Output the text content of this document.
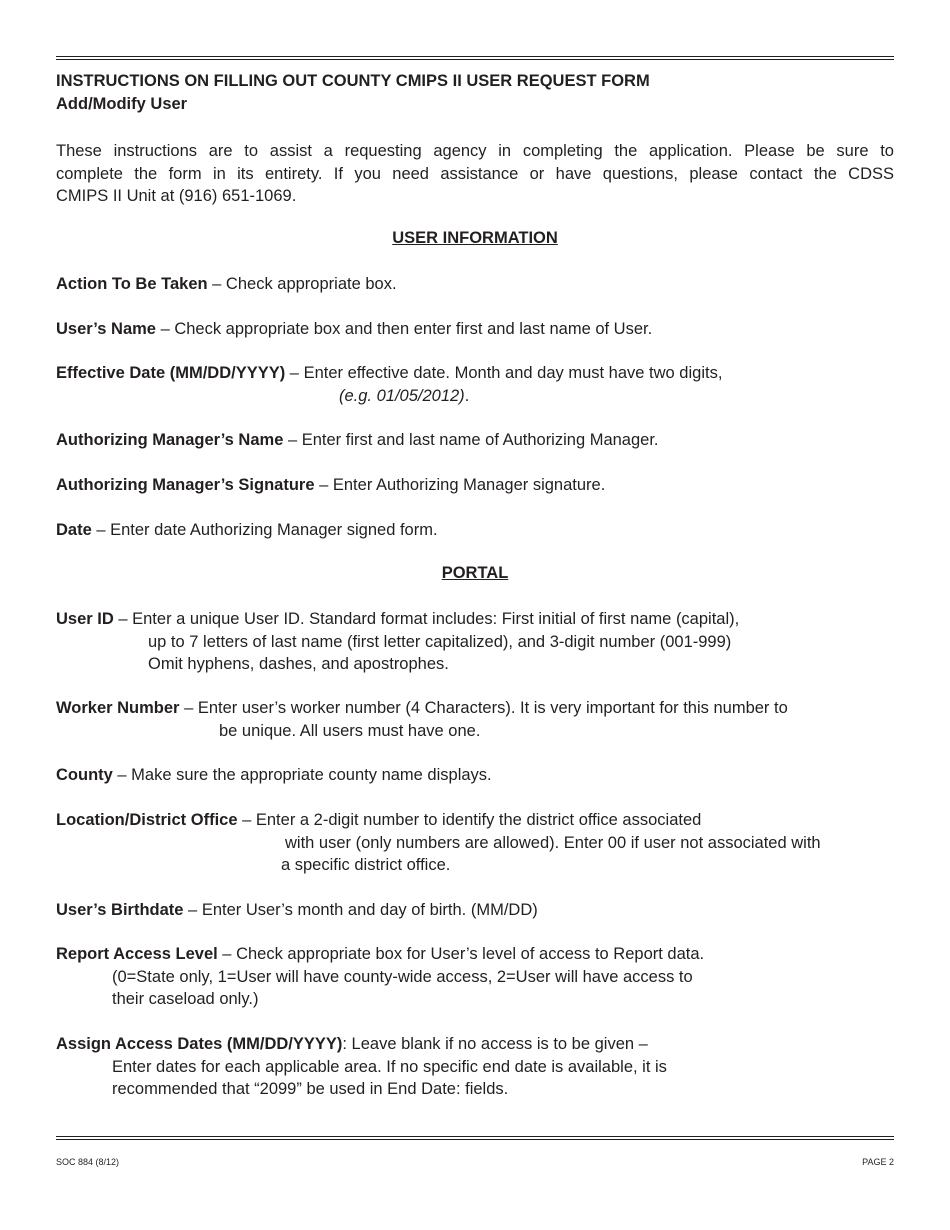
INSTRUCTIONS ON FILLING OUT COUNTY CMIPS II USER REQUEST FORM
Add/Modify User
These instructions are to assist a requesting agency in completing the application. Please be sure to
complete the form in its entirety. If you need assistance or have questions, please contact the CDSS
CMIPS II Unit at (916) 651-1069.
USER INFORMATION
Action To Be Taken – Check appropriate box.
User’s Name – Check appropriate box and then enter first and last name of User.
Effective Date (MM/DD/YYYY) – Enter effective date. Month and day must have two digits,
(e.g. 01/05/2012).
Authorizing Manager’s Name – Enter first and last name of Authorizing Manager.
Authorizing Manager’s Signature – Enter Authorizing Manager signature.
Date – Enter date Authorizing Manager signed form.
PORTAL
User ID – Enter a unique User ID. Standard format includes: First initial of first name (capital),
up to 7 letters of last name (first letter capitalized), and 3-digit number (001-999)
Omit hyphens, dashes, and apostrophes.
Worker Number – Enter user’s worker number (4 Characters). It is very important for this number to
be unique. All users must have one.
County – Make sure the appropriate county name displays.
Location/District Office – Enter a 2-digit number to identify the district office associated
with user (only numbers are allowed). Enter 00 if user not associated with
a specific district office.
User’s Birthdate – Enter User’s month and day of birth. (MM/DD)
Report Access Level – Check appropriate box for User’s level of access to Report data.
(0=State only, 1=User will have county-wide access, 2=User will have access to
their caseload only.)
Assign Access Dates (MM/DD/YYYY): Leave blank if no access is to be given –
Enter dates for each applicable area. If no specific end date is available, it is
recommended that “2099” be used in End Date: fields.
SOC 884 (8/12)	PAGE 2
